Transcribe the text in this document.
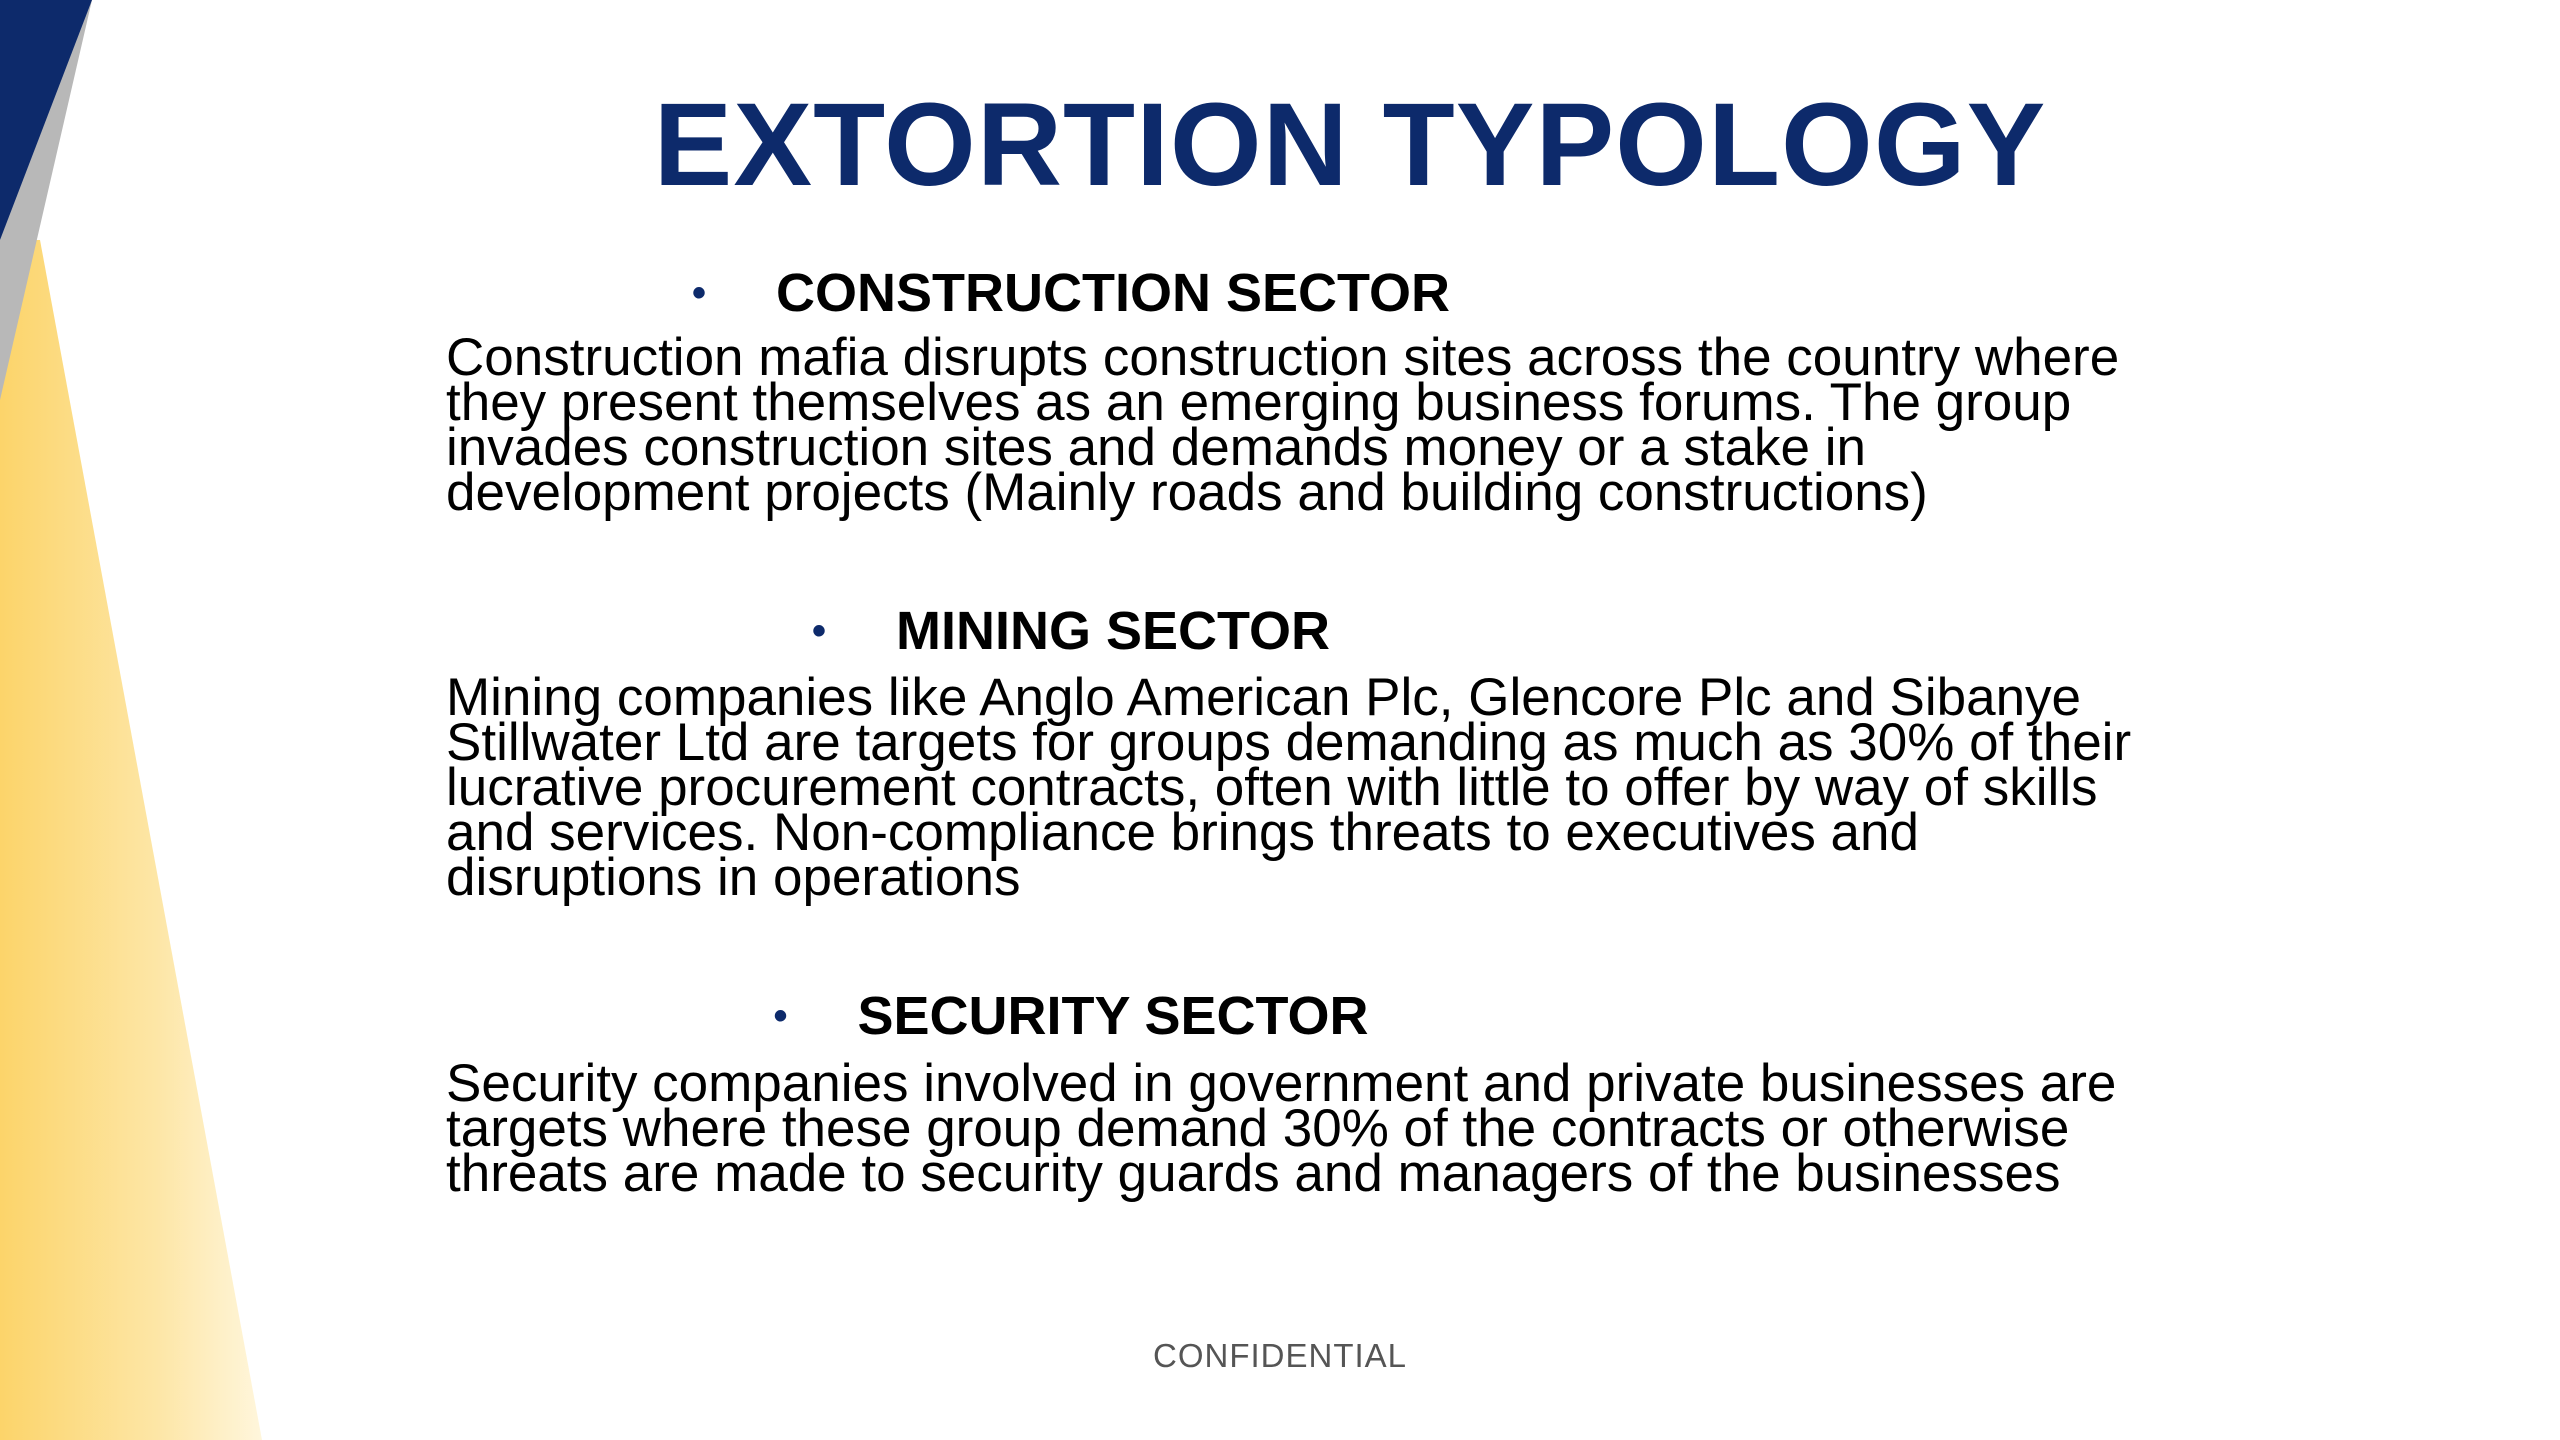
EXTORTION TYPOLOGY
• CONSTRUCTION SECTOR

Construction mafia disrupts construction sites across the country where they present themselves as an emerging business forums. The group invades construction sites and demands money or a stake in development projects (Mainly roads and building constructions)

• MINING SECTOR

Mining companies like Anglo American Plc, Glencore Plc and Sibanye Stillwater Ltd are targets for groups demanding as much as 30% of their lucrative procurement contracts, often with little to offer by way of skills and services. Non-compliance brings threats to executives and disruptions in operations

• SECURITY SECTOR

Security companies involved in government and private businesses are targets where these group demand 30% of the contracts or otherwise threats are made to security guards and managers of the businesses

CONFIDENTIAL
